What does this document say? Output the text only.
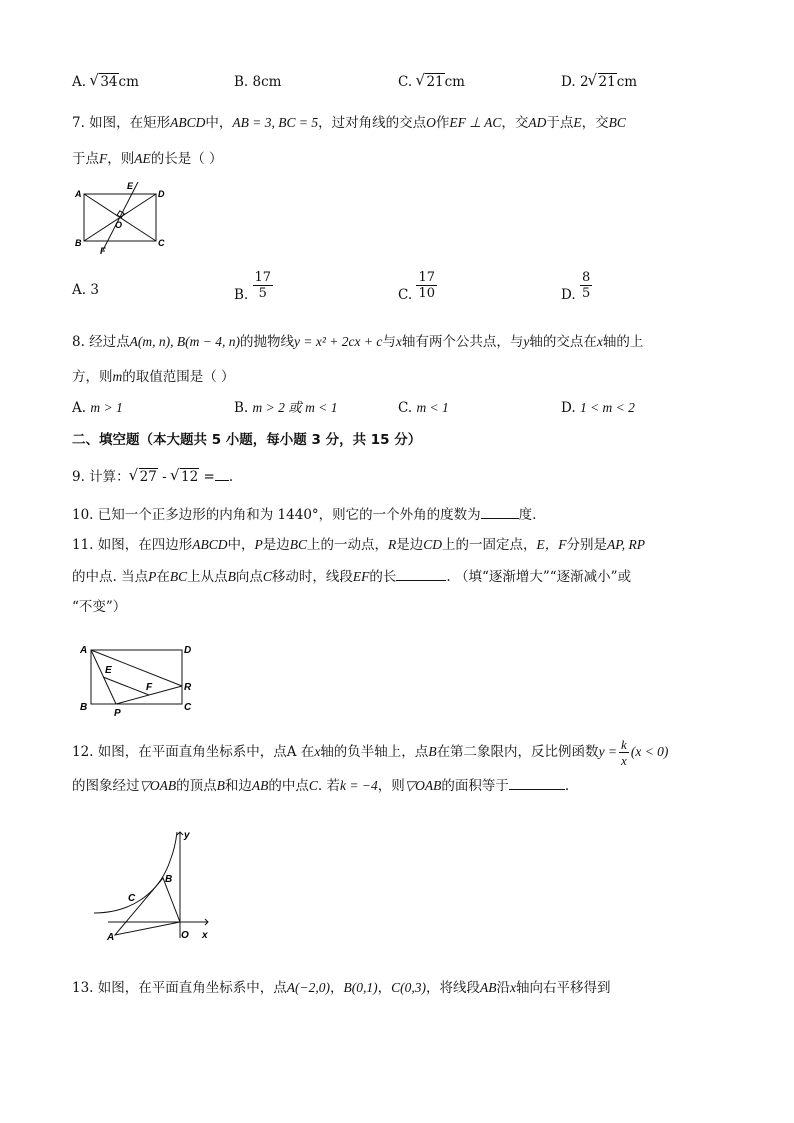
A. √ 34cm	B. 8cm	C. √ 21cm	D. 2 √ 21cm
7. 如图，在矩形ABCD中，AB = 3, BC = 5，过对角线的交点O作EF ⊥ AC，交AD于点E，交BC
于点F，则AE的长是（ ）
A
B	C
D
E
F
O
A. 3	B. $\frac{17}{5}$	C. $\frac{17}{10}$	D. $\frac{8}{5}$
8. 经过点A(m, n), B(m − 4, n)的抛物线y = x² + 2cx + c与x轴有两个公共点，与y轴的交点在x轴的上
方，则m的取值范围是（ ）
A. m > 1	B. m > 2 或 m < 1	C. m < 1	D. 1 < m < 2
二、填空题（本大题共 5 小题，每小题 3 分，共 15 分）
9. 计算： √ 27 - √ 12 = .
10. 已知一个正多边形的内角和为 1440°，则它的一个外角的度数为	度.
11. 如图，在四边形ABCD中，P是边BC上的一动点，R是边CD上的一固定点，E，F分别是AP, RP
的中点. 当点P在BC上从点B向点C移动时，线段EF的长	. （填“逐渐增大”“逐渐减小”或
“不变”）
A
B	C
D
E
F
P
R
12. 如图，在平面直角坐标系中，点A 在x轴的负半轴上，点B在第二象限内，反比例函数$y = \frac{k}{x} (x < 0)$
的图象经过▽OAB的顶点B和边AB的中点C. 若k = −4，则▽OAB的面积等于	.
y
x
A
B
C
O
13. 如图，在平面直角坐标系中，点A(−2,0)，B(0,1)，C(0,3)，将线段AB沿x轴向右平移得到
